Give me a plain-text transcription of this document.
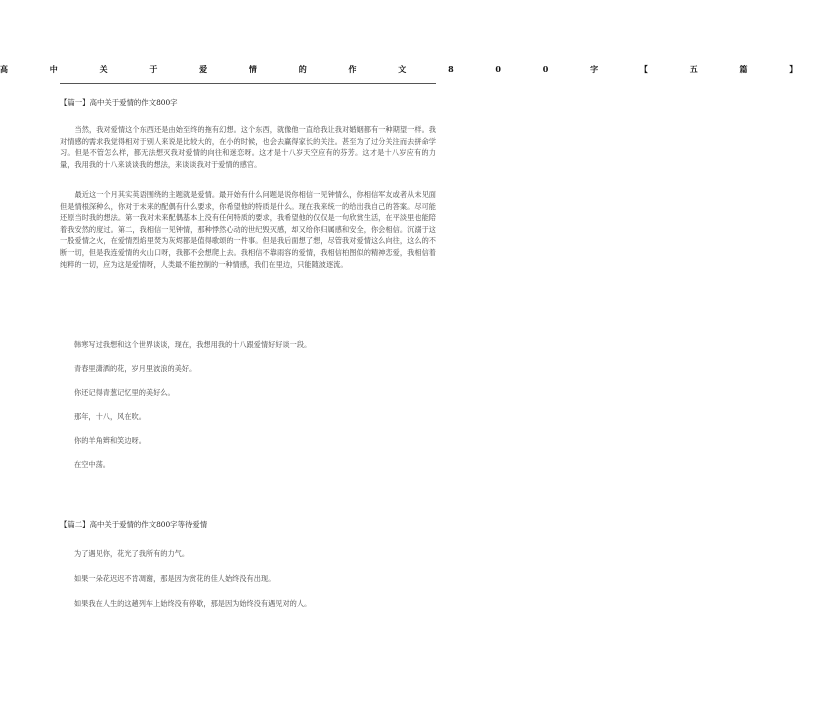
高 中 关 于 爱 情 的 作 文 8 0 0 字 【 五 篇 】
【篇一】高中关于爱情的作文800字

当然，我对爱情这个东西还是由始至终的拖有幻想。这个东西，就像他一直给我让我对婚姻都有一种期望一样。我对情感的需求我觉得相对于别人来说是比较大的，在小的时候，也会去赢得家长的关注。甚至为了过分关注而去拼命学习。但是不管怎么样，都无法想灭我对爱情的向往和迷恋呀。这才是十八岁天空应有的芬芳。这才是十八岁应有的力量，我用我的十八来谈谈我的想法，来谈谈我对于爱情的感官。

最近这一个月其实英语围绕的主题就是爱情。最开始有什么问题是说你相信一见钟情么，你相信军友或者从未见面但是情根深种么，你对于未来的配偶有什么要求，你希望他的特质是什么。现在我来统一的给出我自己的答案。尽可能还原当时我的想法。第一我对未来配偶基本上没有任何特质的要求，我希望他的仅仅是一句欣赏生活，在平淡里也能陪着我安然的度过。第二，我相信一见钟情，那种悸然心动的世纪毁灭感，却又给你归属感和安全，你会相信。沉溺于这一股爱情之火，在爱情烈焰里焚为灰烬都是值得歌颂的一件事。但是我后面想了想，尽管我对爱情这么向往，这么的不断一切，但是我连爱情的火山口呀，我都不会想爬上去。我相信不靠雨容的爱情，我相信柏图似的精神恋爱，我相信着纯粹的一切，应为这是爱情呀，人类最不能控制的一种情感，我们在里边，只能随波逐流。

韩寒写过我想和这个世界谈谈，现在，我想用我的十八跟爱情好好谈一段。
青春里潇洒的花，岁月里波浪的美好。
你还记得青葱记忆里的美好么。
那年，十八，风在吹。
你的羊角辫和笑边呀。
在空中荡。
【篇二】高中关于爱情的作文800字等待爱情
为了遇见你，花光了我所有的力气。
如果一朵花迟迟不肯凋谢，那是因为赏花的佳人始终没有出现。
如果我在人生的这趟列车上始终没有停歇，那是因为始终没有遇见对的人。
